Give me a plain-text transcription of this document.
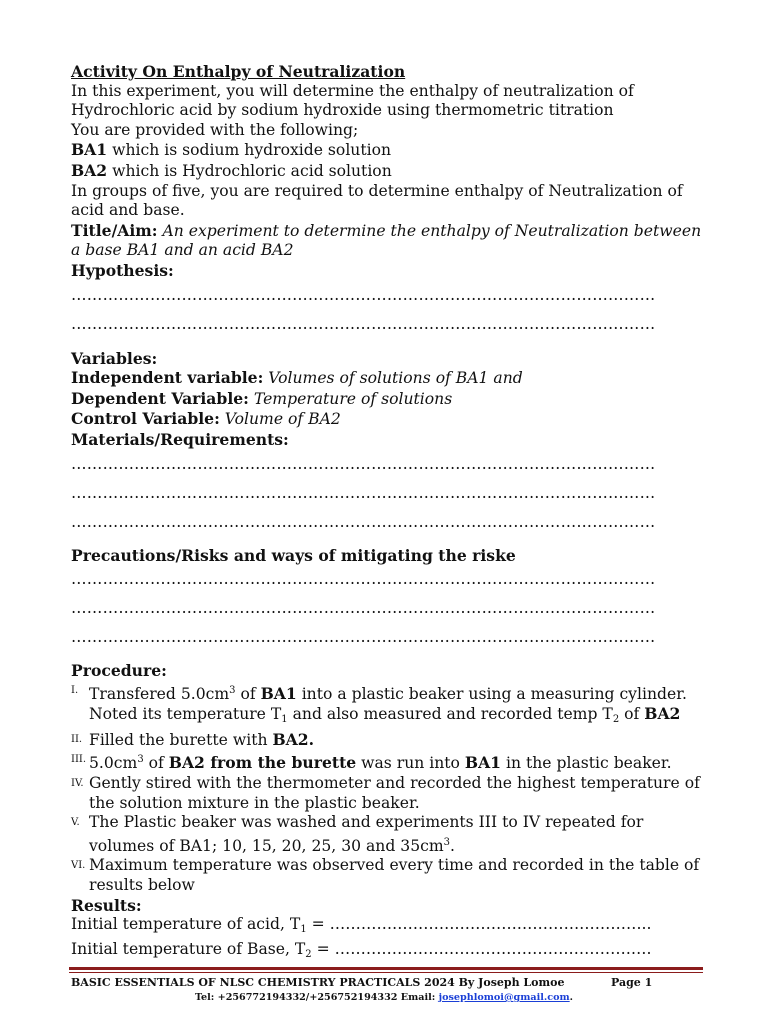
Activity On Enthalpy of Neutralization
In this experiment, you will determine the enthalpy of neutralization of
Hydrochloric acid by sodium hydroxide using thermometric titration
You are provided with the following;
BA1 which is sodium hydroxide solution
BA2 which is Hydrochloric acid solution
In groups of five, you are required to determine enthalpy of Neutralization of
acid and base.
Title/Aim: An experiment to determine the enthalpy of Neutralization between
a base BA1 and an acid BA2
Hypothesis:
…………………………………………………………………………………………………
…………………………………………………………………………………………………
Variables:
Independent variable: Volumes of solutions of BA1 and
Dependent Variable: Temperature of solutions
Control Variable: Volume of BA2
Materials/Requirements:
…………………………………………………………………………………………………
…………………………………………………………………………………………………
…………………………………………………………………………………………………
Precautions/Risks and ways of mitigating the riske
…………………………………………………………………………………………………
…………………………………………………………………………………………………
…………………………………………………………………………………………………
Procedure:
I. Transfered $5.0cm^3$ of BA1 into a plastic beaker using a measuring cylinder.
Noted its temperature $T_1$ and also measured and recorded temp $T_2$ of BA2
II. Filled the burette with BA2.
III. $5.0cm^3$ of BA2 from the burette was run into BA1 in the plastic beaker.
IV. Gently stired with the thermometer and recorded the highest temperature of
the solution mixture in the plastic beaker.
V. The Plastic beaker was washed and experiments III to IV repeated for
volumes of BA1; 10, 15, 20, 25, 30 and $35cm^3$.
VI. Maximum temperature was observed every time and recorded in the table of
results below
Results:
Initial temperature of acid, $T_1$ = ……………………………………………………..
Initial temperature of Base, $T_2$ = …………………………………………………….
BASIC ESSENTIALS OF NLSC CHEMISTRY PRACTICALS 2024 By Joseph Lomoe	Page 1
Tel: +256772194332/+256752194332 Email: josephlomoi@gmail.com.
